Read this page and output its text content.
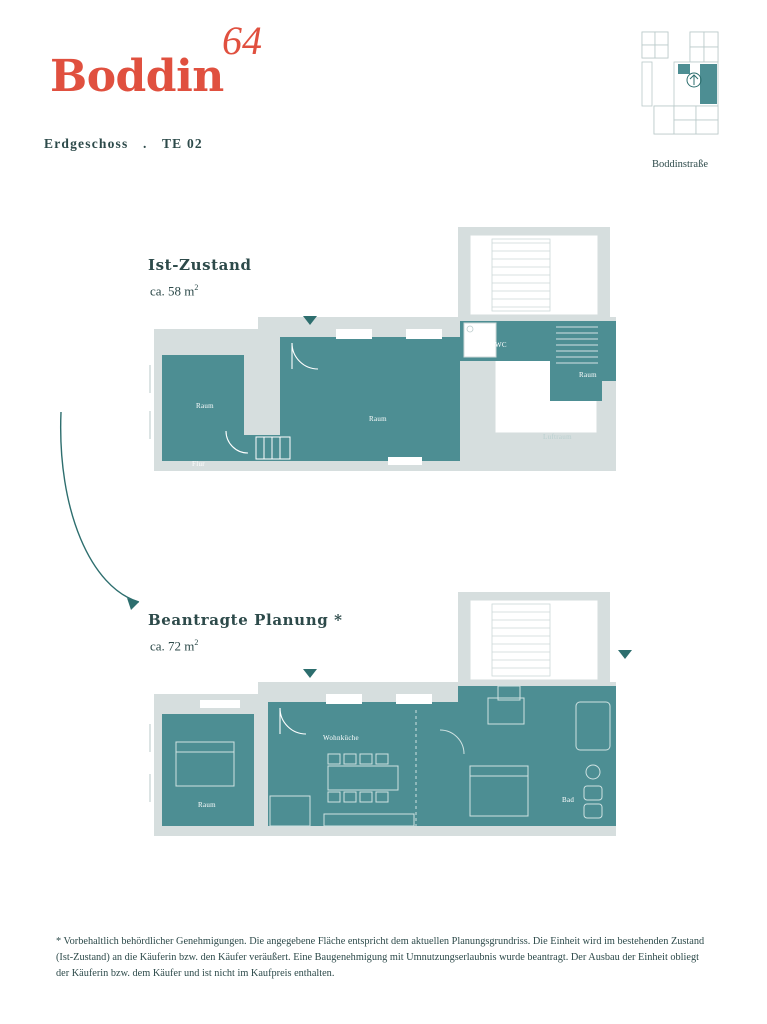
Boddin
64
Erdgeschoss . TE 02
Boddinstraße
Ist-Zustand
ca. 58 $m^2$
Beantragte Planung *
ca. 72 $m^2$
Raum
Flur
Raum
WC
Raum
Luftraum
Raum
Wohnküche
Bad
* Vorbehaltlich behördlicher Genehmigungen. Die angegebene Fläche entspricht dem aktuellen Planungsgrundriss. Die Einheit wird im bestehenden Zustand (Ist-Zustand) an die Käuferin bzw. den Käufer veräußert. Eine Baugenehmigung mit Umnutzungserlaubnis wurde beantragt. Der Ausbau der Einheit obliegt der Käuferin bzw. dem Käufer und ist nicht im Kaufpreis enthalten.
